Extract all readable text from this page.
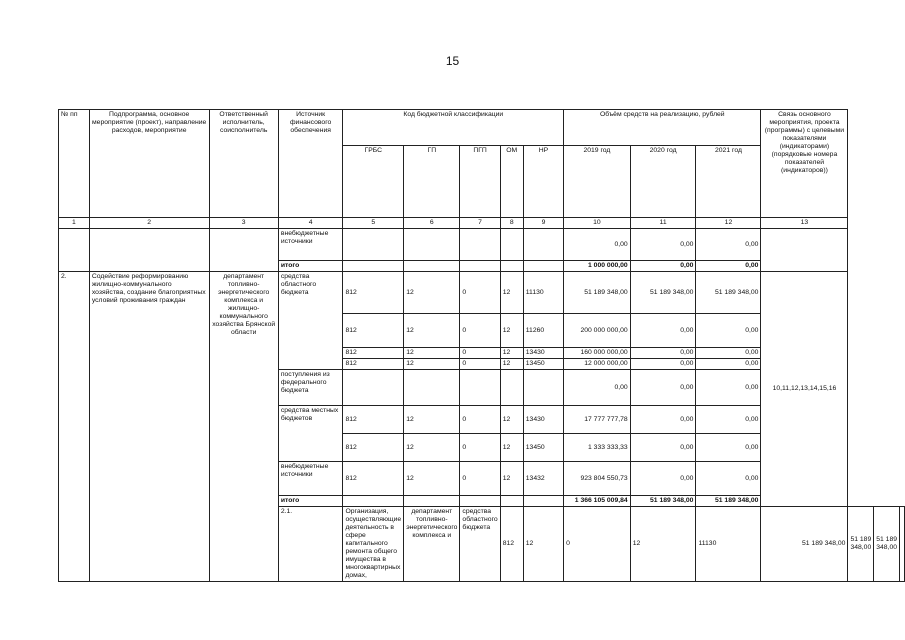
15
№ пп	Подпрограмма, основное мероприятие (проект), направление расходов, мероприятие	Ответственный исполнитель, соисполнитель	Источник финансового обеспечения	Код бюджетной классификации					Объём средств на реализацию, рублей			Связь основного мероприятия, проекта (программы) с целевыми показателями (индикаторами) (порядковые номера показателей (индикаторов))			
				ГРБС	ГП	ПГП	ОМ	НР	2019 год	2020 год	2021 год				
1	2	3	4	5	6	7	8	9	10	11	12	13			
			внебюджетные источники						0,00	0,00	0,00				
			итого						1 000 000,00	0,00	0,00				
2.	Содействие реформированию жилищно-коммунального хозяйства, создание благоприятных условий проживания граждан	департамент топливно-энергетического комплекса и жилищно-коммунального хозяйства Брянской области	средства областного бюджета	812	12	0	12	11130	51 189 348,00	51 189 348,00	51 189 348,00	10,11,12,13,14,15,16			
				812	12	0	12	11260	200 000 000,00	0,00	0,00				
				812	12	0	12	13430	160 000 000,00	0,00	0,00				
				812	12	0	12	13450	12 000 000,00	0,00	0,00				
			поступления из федерального бюджета						0,00	0,00	0,00				
			средства местных бюджетов	812	12	0	12	13430	17 777 777,78	0,00	0,00				
				812	12	0	12	13450	1 333 333,33	0,00	0,00				
			внебюджетные источники	812	12	0	12	13432	923 804 550,73	0,00	0,00				
			итого						1 366 105 009,84	51 189 348,00	51 189 348,00				
			2.1.	Организация, осуществляющие деятельность в сфере капитального ремонта общего имущества в многоквартирных домах,	департамент топливно-энергетического комплекса и	средства областного бюджета	812	12	0	12	11130	51 189 348,00	51 189 348,00	51 189 348,00	
